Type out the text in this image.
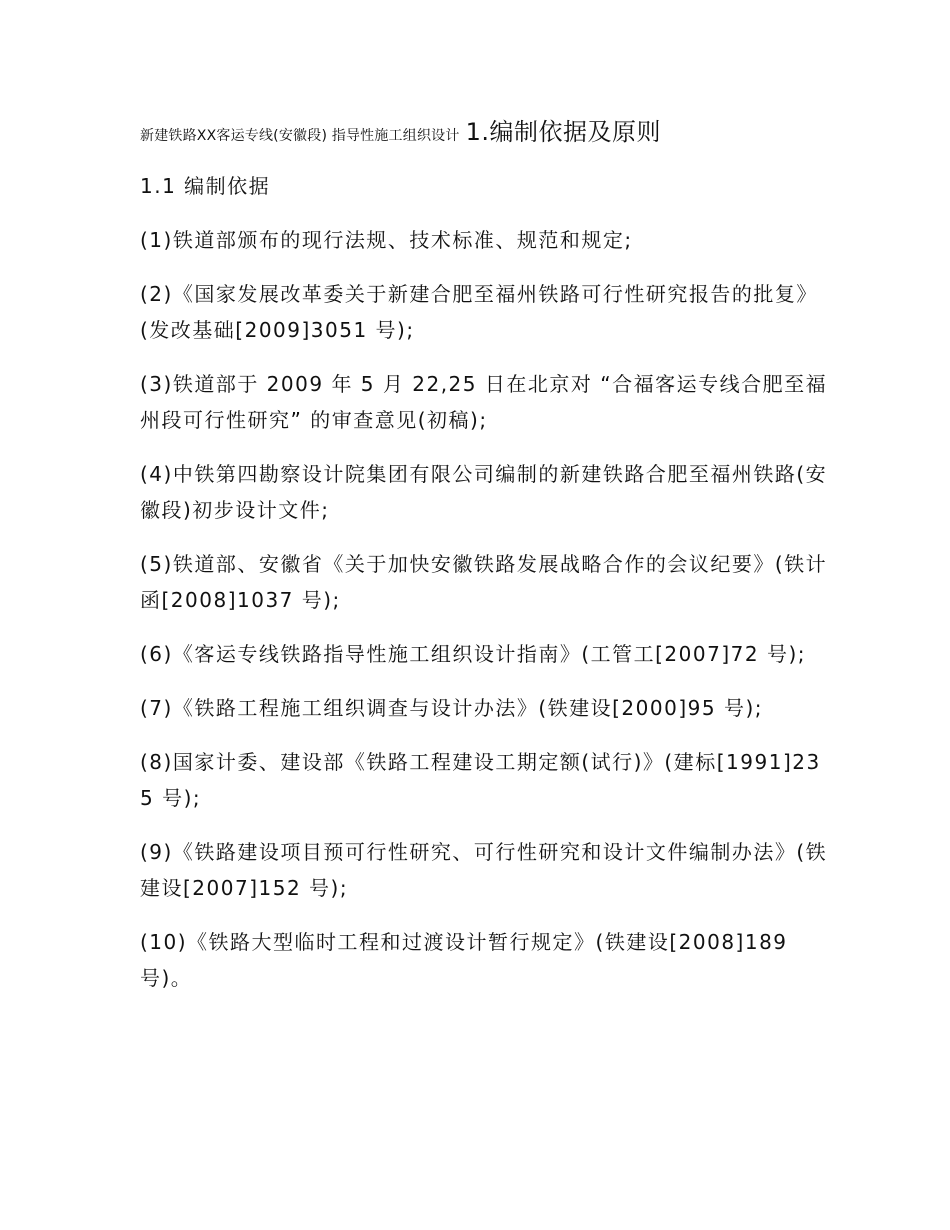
新建铁路XX客运专线(安徽段) 指导性施工组织设计 1.编制依据及原则
1.1 编制依据
(1)铁道部颁布的现行法规、技术标准、规范和规定;
(2)《国家发展改革委关于新建合肥至福州铁路可行性研究报告的批复》(发改基础[2009]3051 号);
(3)铁道部于 2009 年 5 月 22,25 日在北京对 “合福客运专线合肥至福州段可行性研究” 的审查意见(初稿);
(4)中铁第四勘察设计院集团有限公司编制的新建铁路合肥至福州铁路(安徽段)初步设计文件;
(5)铁道部、安徽省《关于加快安徽铁路发展战略合作的会议纪要》(铁计函[2008]1037 号);
(6)《客运专线铁路指导性施工组织设计指南》(工管工[2007]72 号);
(7)《铁路工程施工组织调查与设计办法》(铁建设[2000]95 号);
(8)国家计委、建设部《铁路工程建设工期定额(试行)》(建标[1991]235 号);
(9)《铁路建设项目预可行性研究、可行性研究和设计文件编制办法》(铁建设[2007]152 号);
(10)《铁路大型临时工程和过渡设计暂行规定》(铁建设[2008]189 号)。
